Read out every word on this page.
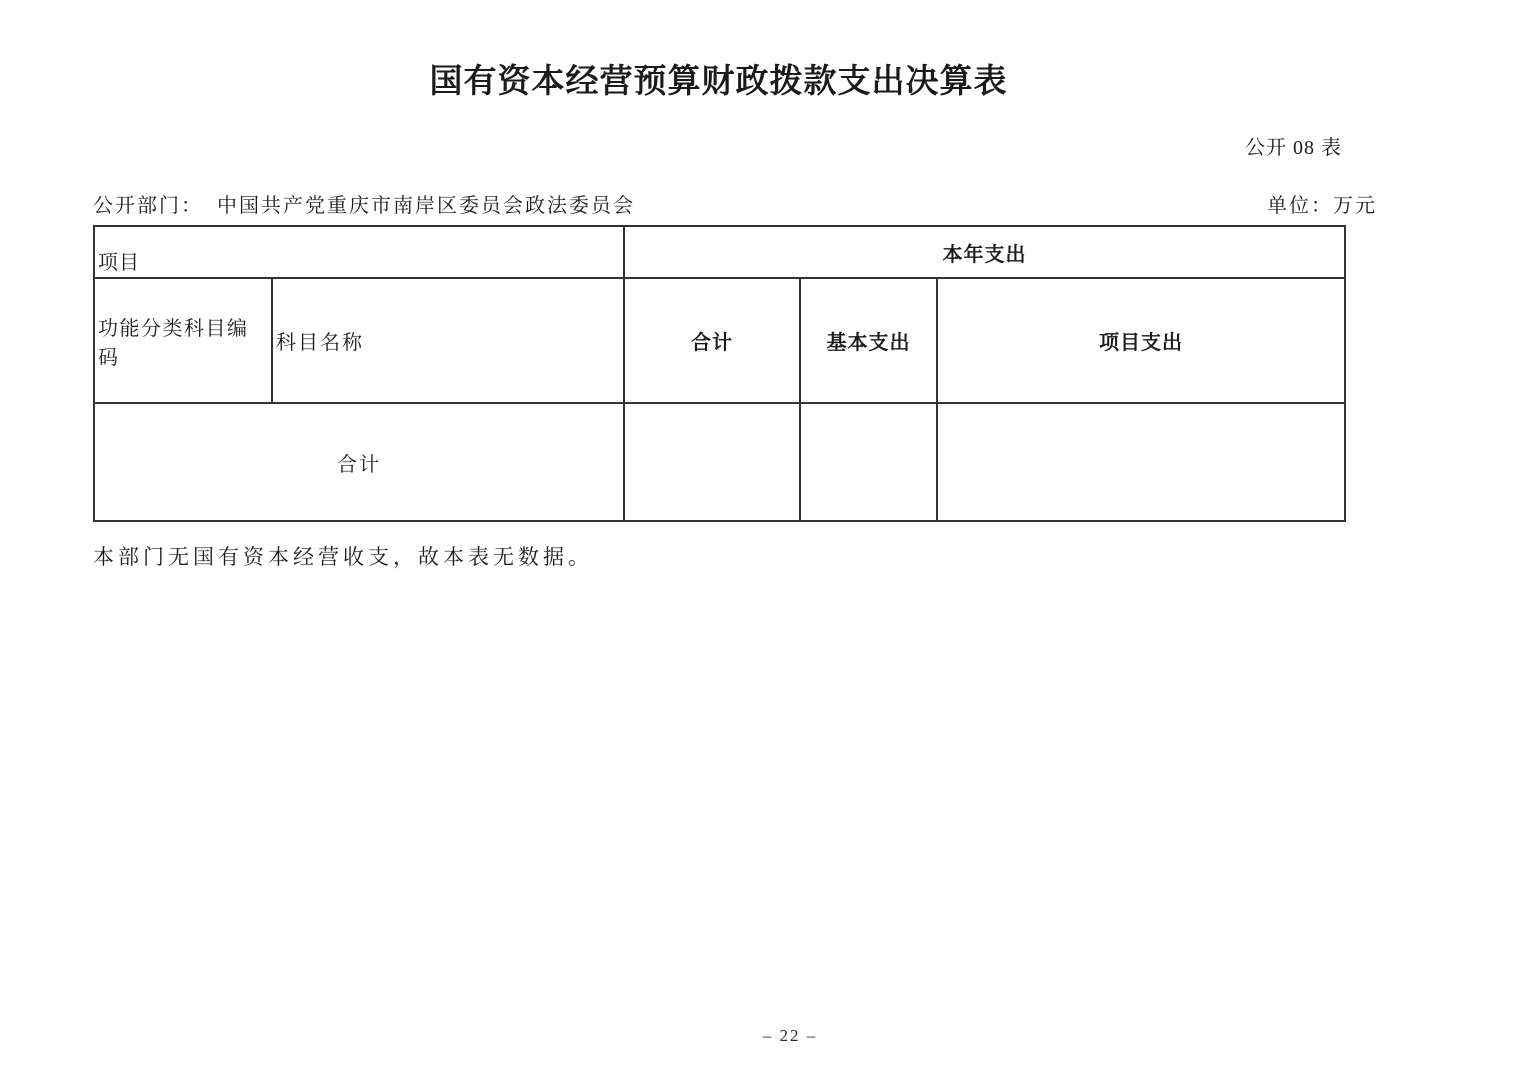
国有资本经营预算财政拨款支出决算表
公开 08 表
公开部门： 中国共产党重庆市南岸区委员会政法委员会	单位：万元
项目		本年支出		
功能分类科目编码	科目名称	合计	基本支出	项目支出
合计				
本部门无国有资本经营收支，故本表无数据。
– 22 –
